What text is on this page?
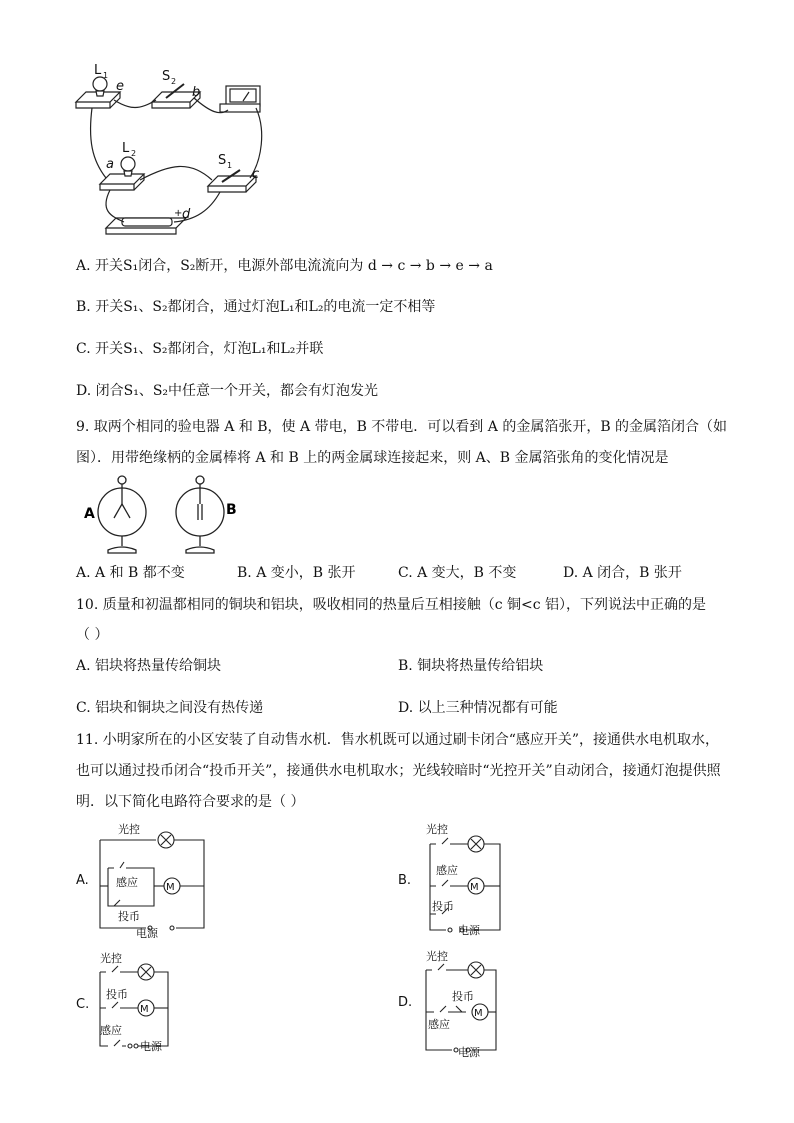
L 1
e
S 2
b
L 2
a	S 1
c
+ d
A. 开关S₁闭合，S₂断开，电源外部电流流向为 d → c → b → e → a
B. 开关S₁、S₂都闭合，通过灯泡L₁和L₂的电流一定不相等
C. 开关S₁、S₂都闭合，灯泡L₁和L₂并联
D. 闭合S₁、S₂中任意一个开关，都会有灯泡发光
9. 取两个相同的验电器 A 和 B，使 A 带电，B 不带电．可以看到 A 的金属箔张开，B 的金属箔闭合（如
图）．用带绝缘柄的金属棒将 A 和 B 上的两金属球连接起来，则 A、B 金属箔张角的变化情况是
A	B
A. A 和 B 都不变	B. A 变小，B 张开	C. A 变大，B 不变	D. A 闭合，B 张开
10. 质量和初温都相同的铜块和铝块，吸收相同的热量后互相接触（c 铜<c 铝），下列说法中正确的是
（ ）
A. 铝块将热量传给铜块	B. 铜块将热量传给铝块
C. 铝块和铜块之间没有热传递	D. 以上三种情况都有可能
11. 小明家所在的小区安装了自动售水机．售水机既可以通过刷卡闭合“感应开关”，接通供水电机取水，
也可以通过投币闭合“投币开关”，接通供水电机取水；光线较暗时“光控开关”自动闭合，接通灯泡提供照
明．以下简化电路符合要求的是（ ）
光控
感应
投币
M
电源
A.
光控
感应
投币
M
电源
B.
光控
投币
感应
M
电源
C.
光控
投币
感应
M
电源
D.
